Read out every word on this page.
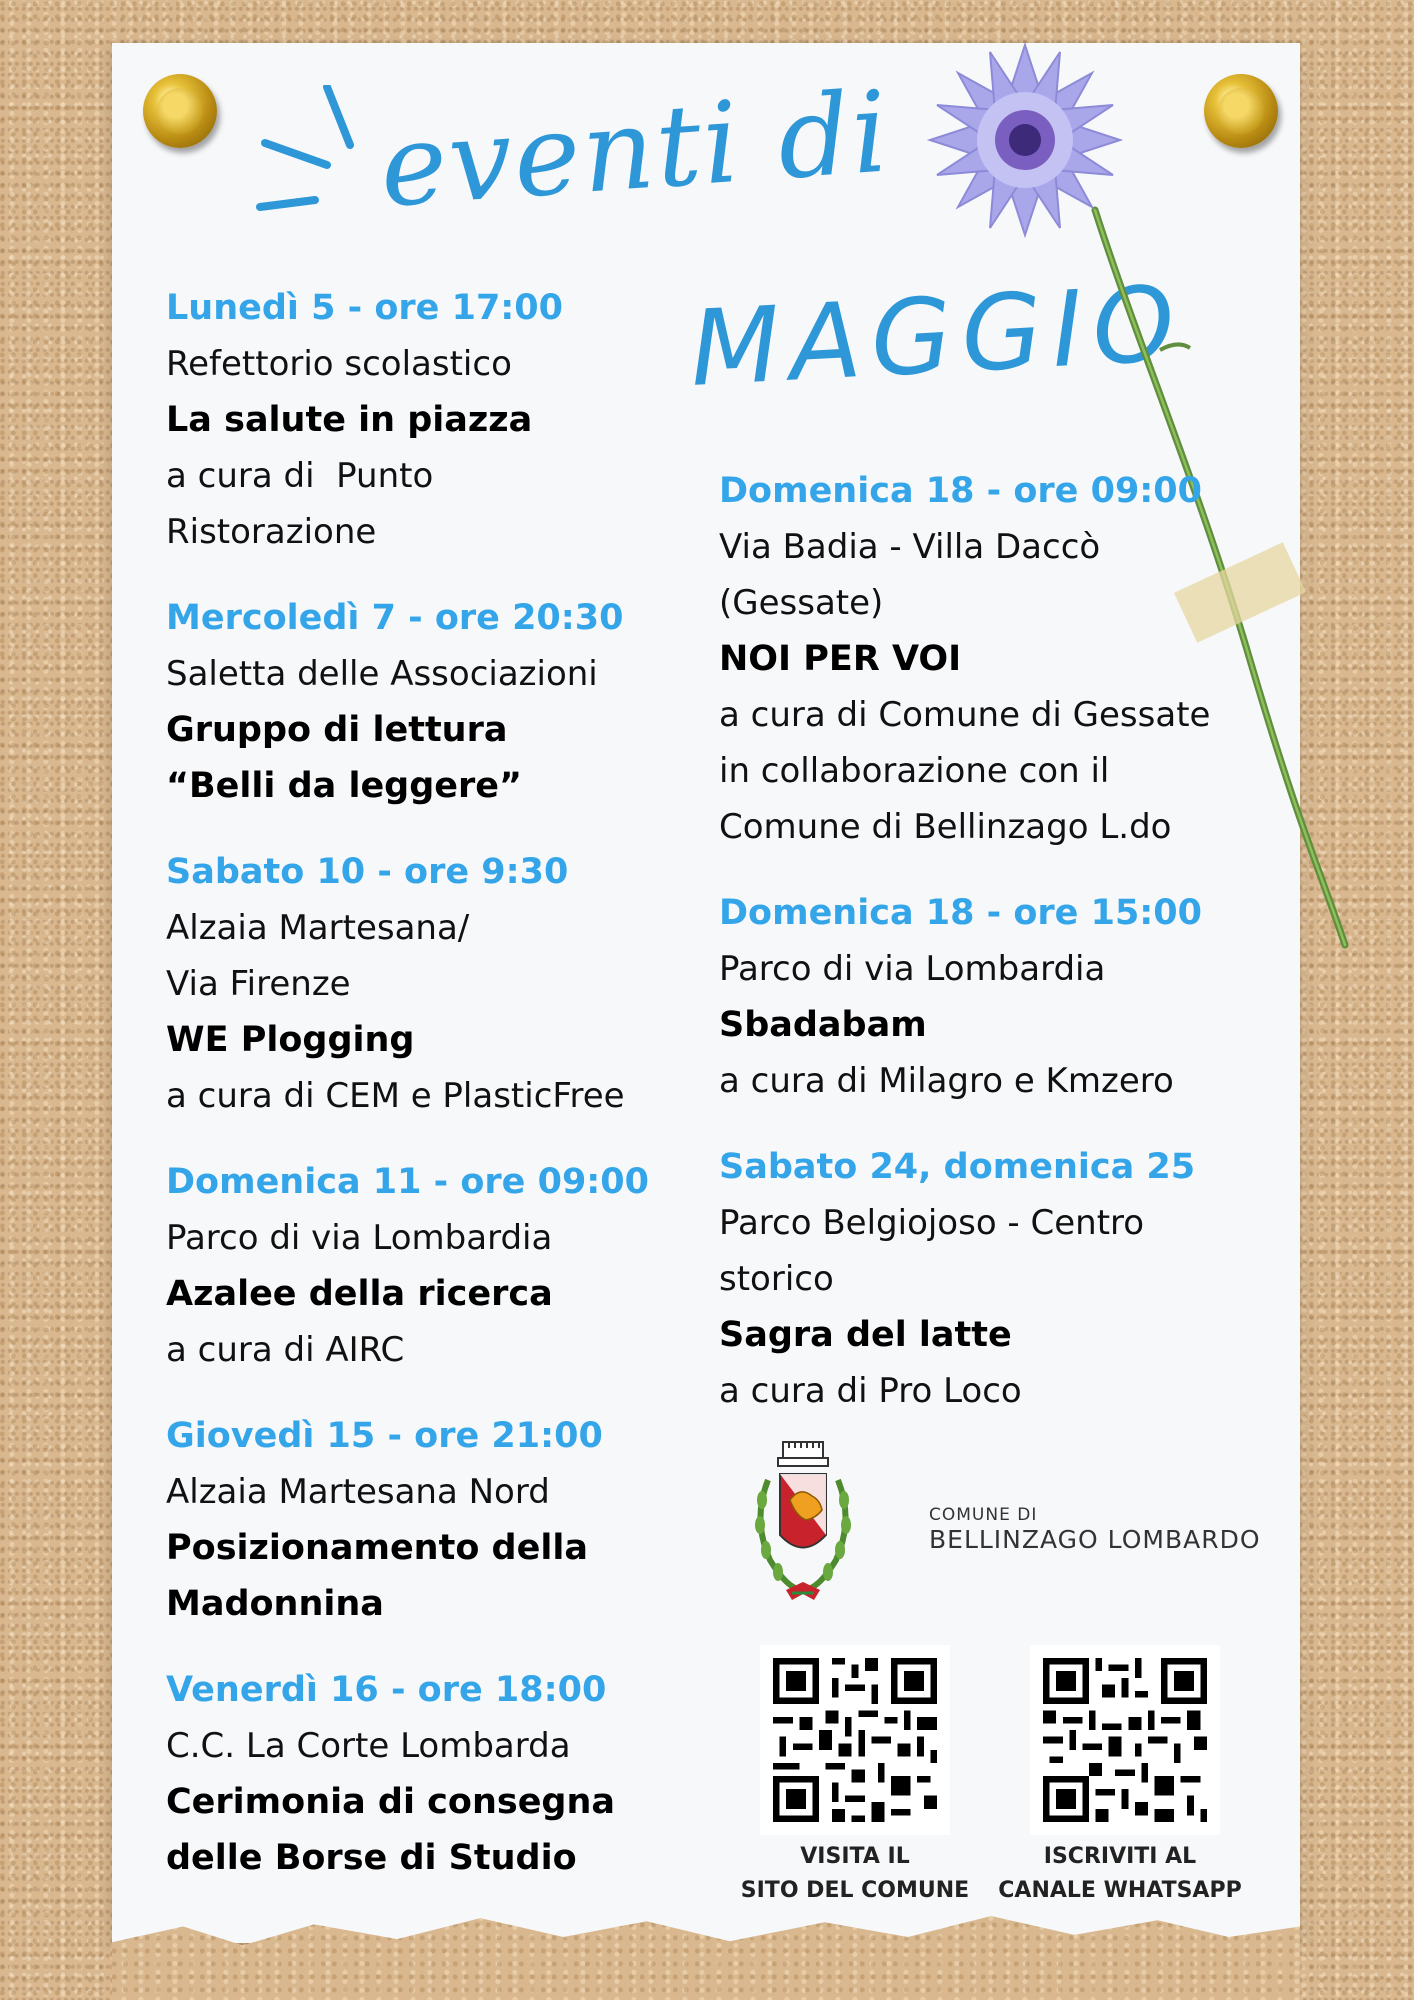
eventi di
MAGGIO
Lunedì 5 - ore 17:00
Refettorio scolastico
La salute in piazza
a cura di  Punto
Ristorazione
Mercoledì 7 - ore 20:30
Saletta delle Associazioni
Gruppo di lettura
“Belli da leggere”
Sabato 10 - ore 9:30
Alzaia Martesana/
Via Firenze
WE Plogging
a cura di CEM e PlasticFree
Domenica 11 - ore 09:00
Parco di via Lombardia
Azalee della ricerca
a cura di AIRC
Giovedì 15 - ore 21:00
Alzaia Martesana Nord
Posizionamento della
Madonnina
Venerdì 16 - ore 18:00
C.C. La Corte Lombarda
Cerimonia di consegna
delle Borse di Studio
Domenica 18 - ore 09:00
Via Badia - Villa Daccò
(Gessate)
NOI PER VOI
a cura di Comune di Gessate
in collaborazione con il
Comune di Bellinzago L.do
Domenica 18 - ore 15:00
Parco di via Lombardia
Sbadabam
a cura di Milagro e Kmzero
Sabato 24, domenica 25
Parco Belgiojoso - Centro
storico
Sagra del latte
a cura di Pro Loco
COMUNE DI
BELLINZAGO LOMBARDO
VISITA IL
SITO DEL COMUNE
ISCRIVITI AL
CANALE WHATSAPP
